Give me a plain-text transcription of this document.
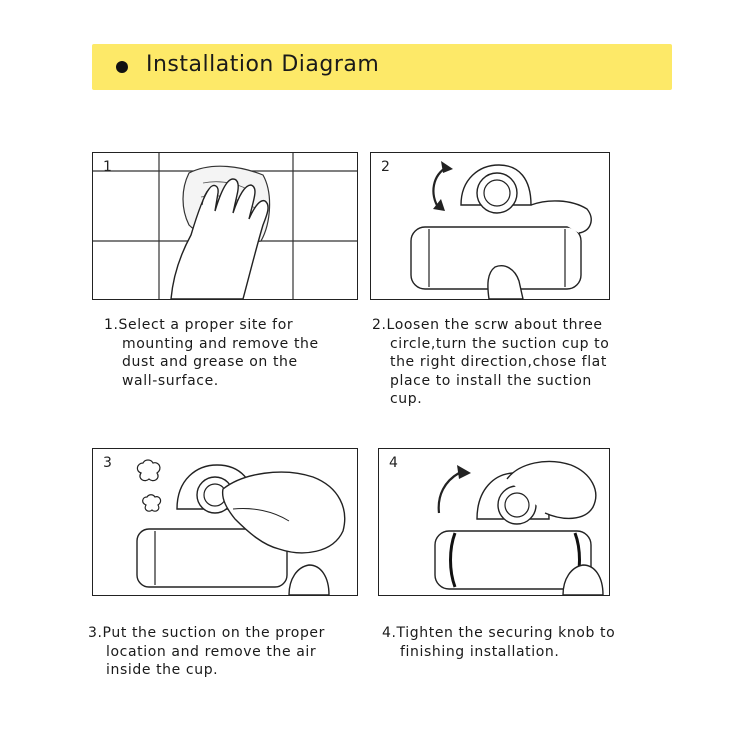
Installation Diagram
1	2
3	4
1.Select a proper site for
mounting and remove the
dust and grease on the
wall-surface.
2.Loosen the scrw about three
circle,turn the suction cup to
the right direction,chose flat
place to install the suction
cup.
3.Put the suction on the proper
location and remove the air
inside the cup.
4.Tighten the securing knob to
finishing installation.
